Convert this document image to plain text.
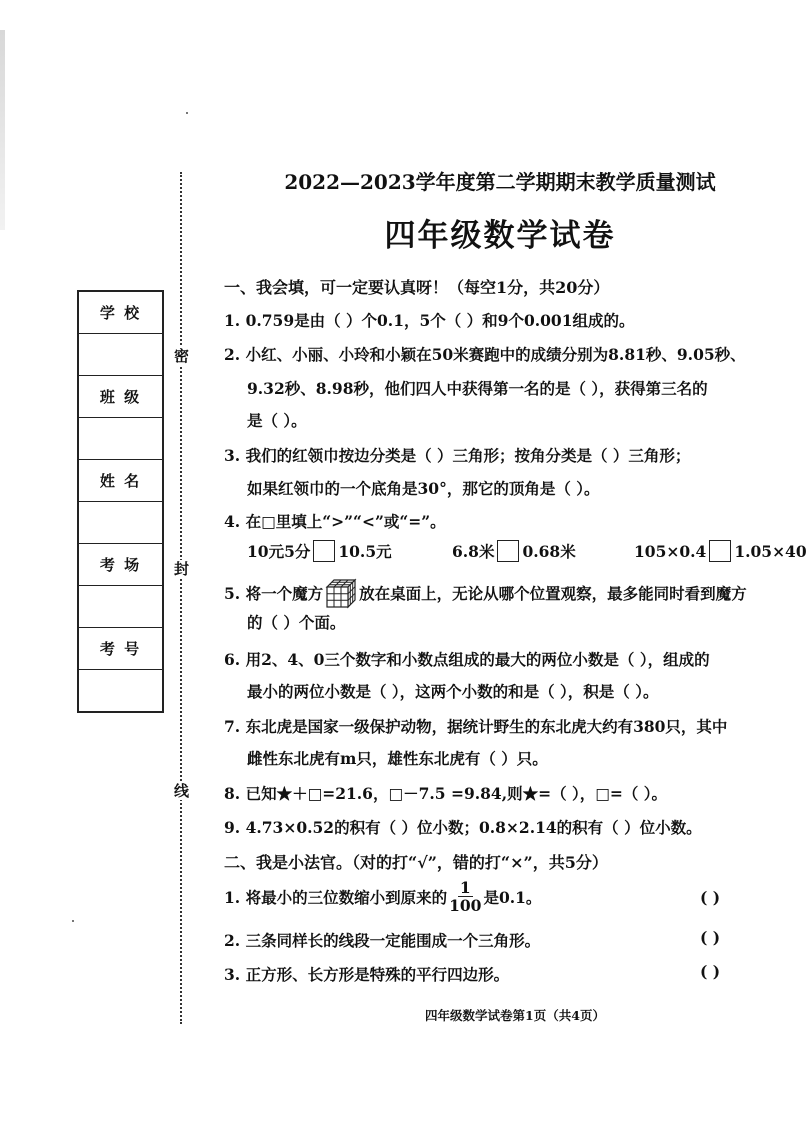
密
封
线
学 校

班 级

姓 名

考 场

考 号

2022—2023学年度第二学期期末教学质量测试
四年级数学试卷
一、我会填，可一定要认真呀！（每空1分，共20分）
1. 0.759是由（ ）个0.1，5个（ ）和9个0.001组成的。
2. 小红、小丽、小玲和小颖在50米赛跑中的成绩分别为8.81秒、9.05秒、
9.32秒、8.98秒，他们四人中获得第一名的是（ ），获得第三名的
是（ ）。
3. 我们的红领巾按边分类是（ ）三角形；按角分类是（ ）三角形；
如果红领巾的一个底角是30°，那它的顶角是（ ）。
4. 在□里填上“>”“<”或“=”。
10元5分 10.5元	6.8米 0.68米	105×0.4 1.05×40
5. 将一个魔方 放在桌面上，无论从哪个位置观察，最多能同时看到魔方
的（ ）个面。
6. 用2、4、0三个数字和小数点组成的最大的两位小数是（ ），组成的
最小的两位小数是（ ），这两个小数的和是（ ），积是（ ）。
7. 东北虎是国家一级保护动物，据统计野生的东北虎大约有380只，其中
雌性东北虎有m只，雄性东北虎有（ ）只。
8. 已知★＋□=21.6，□－7.5 =9.84,则★=（ ），□=（ ）。
9. 4.73×0.52的积有（ ）位小数；0.8×2.14的积有（ ）位小数。
二、我是小法官。（对的打“√”，错的打“×”，共5分）
1. 将最小的三位数缩小到原来的 $\frac{1}{100}$ 是0.1。	( )
2. 三条同样长的线段一定能围成一个三角形。	( )
3. 正方形、长方形是特殊的平行四边形。	( )
四年级数学试卷第1页（共4页）
